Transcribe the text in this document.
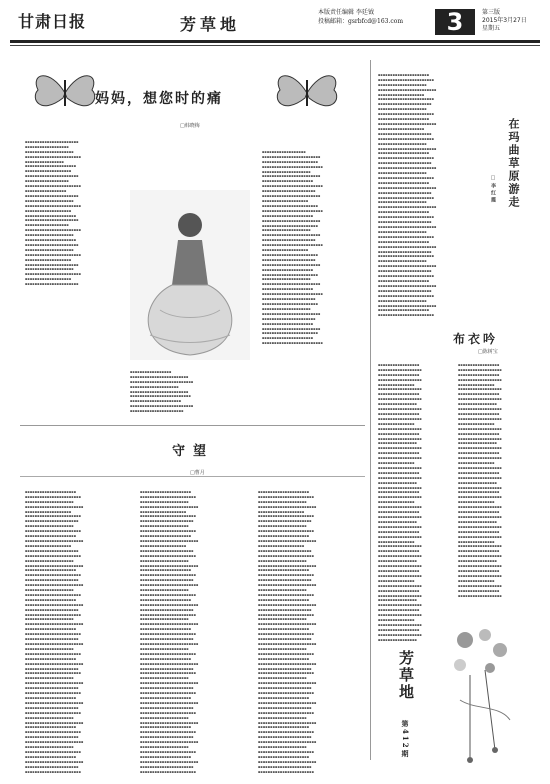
甘肃日报	芳草地
本版责任编辑 李廷钺
投稿邮箱：gsrbfcd@163.com	3	第三版
2015年3月27日
星期五
妈妈，想您时的痛
□韩晓梅

▪▪▪▪▪▪▪▪▪▪▪▪▪▪▪▪▪▪▪▪▪▪
▪▪▪▪▪▪▪▪▪▪▪▪▪▪▪▪▪▪
▪▪▪▪▪▪▪▪▪▪▪▪▪▪▪▪▪▪▪▪
▪▪▪▪▪▪▪▪▪▪▪▪▪▪▪▪▪▪▪▪▪▪▪
▪▪▪▪▪▪▪▪▪▪▪▪▪▪▪▪
▪▪▪▪▪▪▪▪▪▪▪▪▪▪▪▪▪▪▪▪▪
▪▪▪▪▪▪▪▪▪▪▪▪▪▪▪▪▪▪▪
▪▪▪▪▪▪▪▪▪▪▪▪▪▪▪▪▪▪▪▪▪▪
▪▪▪▪▪▪▪▪▪▪▪▪▪▪▪▪▪▪
▪▪▪▪▪▪▪▪▪▪▪▪▪▪▪▪▪▪▪▪▪▪▪
▪▪▪▪▪▪▪▪▪▪▪▪▪▪▪▪▪
▪▪▪▪▪▪▪▪▪▪▪▪▪▪▪▪▪▪▪▪▪▪
▪▪▪▪▪▪▪▪▪▪▪▪▪▪▪▪▪▪▪▪
▪▪▪▪▪▪▪▪▪▪▪▪▪▪▪▪▪▪▪▪▪▪▪
▪▪▪▪▪▪▪▪▪▪▪▪▪▪▪▪▪▪▪
▪▪▪▪▪▪▪▪▪▪▪▪▪▪▪▪▪▪▪▪▪
▪▪▪▪▪▪▪▪▪▪▪▪▪▪▪▪▪▪▪▪▪▪
▪▪▪▪▪▪▪▪▪▪▪▪▪▪▪▪▪▪
▪▪▪▪▪▪▪▪▪▪▪▪▪▪▪▪▪▪▪▪▪▪▪
▪▪▪▪▪▪▪▪▪▪▪▪▪▪▪▪▪▪▪▪
▪▪▪▪▪▪▪▪▪▪▪▪▪▪▪▪▪▪▪▪▪
▪▪▪▪▪▪▪▪▪▪▪▪▪▪▪▪▪▪▪▪▪▪
▪▪▪▪▪▪▪▪▪▪▪▪▪▪▪▪▪▪▪▪
▪▪▪▪▪▪▪▪▪▪▪▪▪▪▪▪▪▪▪▪▪▪▪
▪▪▪▪▪▪▪▪▪▪▪▪▪▪▪▪▪▪▪
▪▪▪▪▪▪▪▪▪▪▪▪▪▪▪▪▪▪▪▪▪▪
▪▪▪▪▪▪▪▪▪▪▪▪▪▪▪▪▪▪▪▪
▪▪▪▪▪▪▪▪▪▪▪▪▪▪▪▪▪▪▪▪▪▪▪
▪▪▪▪▪▪▪▪▪▪▪▪▪▪▪▪▪▪▪
▪▪▪▪▪▪▪▪▪▪▪▪▪▪▪▪▪▪▪▪▪▪

▪▪▪▪▪▪▪▪▪▪▪▪▪▪▪▪▪
▪▪▪▪▪▪▪▪▪▪▪▪▪▪▪▪▪▪▪▪▪▪▪▪
▪▪▪▪▪▪▪▪▪▪▪▪▪▪▪▪▪▪▪▪▪▪▪▪▪▪
▪▪▪▪▪▪▪▪▪▪▪▪▪▪▪▪▪▪▪▪
▪▪▪▪▪▪▪▪▪▪▪▪▪▪▪▪▪▪▪▪▪▪▪▪
▪▪▪▪▪▪▪▪▪▪▪▪▪▪▪▪▪▪▪▪▪▪▪▪▪
▪▪▪▪▪▪▪▪▪▪▪▪▪▪▪▪▪▪▪▪▪
▪▪▪▪▪▪▪▪▪▪▪▪▪▪▪▪▪▪▪▪▪▪▪▪▪▪
▪▪▪▪▪▪▪▪▪▪▪▪▪▪▪▪▪▪▪▪▪▪

▪▪▪▪▪▪▪▪▪▪▪▪▪▪▪▪▪▪
▪▪▪▪▪▪▪▪▪▪▪▪▪▪▪▪▪▪▪▪▪▪▪▪
▪▪▪▪▪▪▪▪▪▪▪▪▪▪▪▪▪▪▪▪▪▪▪
▪▪▪▪▪▪▪▪▪▪▪▪▪▪▪▪▪▪▪▪▪▪▪▪▪
▪▪▪▪▪▪▪▪▪▪▪▪▪▪▪▪▪▪▪▪
▪▪▪▪▪▪▪▪▪▪▪▪▪▪▪▪▪▪▪▪▪▪▪▪
▪▪▪▪▪▪▪▪▪▪▪▪▪▪▪▪▪▪▪▪▪
▪▪▪▪▪▪▪▪▪▪▪▪▪▪▪▪▪▪▪▪▪▪▪▪▪
▪▪▪▪▪▪▪▪▪▪▪▪▪▪▪▪▪▪▪▪▪▪
▪▪▪▪▪▪▪▪▪▪▪▪▪▪▪▪▪▪▪▪▪▪▪▪
▪▪▪▪▪▪▪▪▪▪▪▪▪▪▪▪▪▪▪
▪▪▪▪▪▪▪▪▪▪▪▪▪▪▪▪▪▪▪▪▪▪▪
▪▪▪▪▪▪▪▪▪▪▪▪▪▪▪▪▪▪▪▪▪▪▪▪▪
▪▪▪▪▪▪▪▪▪▪▪▪▪▪▪▪▪▪▪▪▪
▪▪▪▪▪▪▪▪▪▪▪▪▪▪▪▪▪▪▪▪▪▪▪▪
▪▪▪▪▪▪▪▪▪▪▪▪▪▪▪▪▪▪▪▪▪▪▪
▪▪▪▪▪▪▪▪▪▪▪▪▪▪▪▪▪▪▪▪
▪▪▪▪▪▪▪▪▪▪▪▪▪▪▪▪▪▪▪▪▪▪▪▪
▪▪▪▪▪▪▪▪▪▪▪▪▪▪▪▪▪▪▪▪▪▪
▪▪▪▪▪▪▪▪▪▪▪▪▪▪▪▪▪▪▪▪▪▪▪▪▪
▪▪▪▪▪▪▪▪▪▪▪▪▪▪▪▪▪▪▪
▪▪▪▪▪▪▪▪▪▪▪▪▪▪▪▪▪▪▪▪▪▪▪
▪▪▪▪▪▪▪▪▪▪▪▪▪▪▪▪▪▪▪▪▪▪
▪▪▪▪▪▪▪▪▪▪▪▪▪▪▪▪▪▪▪▪▪▪▪▪
▪▪▪▪▪▪▪▪▪▪▪▪▪▪▪▪▪▪▪▪▪
▪▪▪▪▪▪▪▪▪▪▪▪▪▪▪▪▪▪▪▪▪▪▪
▪▪▪▪▪▪▪▪▪▪▪▪▪▪▪▪▪▪▪▪
▪▪▪▪▪▪▪▪▪▪▪▪▪▪▪▪▪▪▪▪▪▪▪▪
▪▪▪▪▪▪▪▪▪▪▪▪▪▪▪▪▪▪▪▪▪
▪▪▪▪▪▪▪▪▪▪▪▪▪▪▪▪▪▪▪▪▪▪▪▪▪
▪▪▪▪▪▪▪▪▪▪▪▪▪▪▪▪▪▪▪▪▪▪
▪▪▪▪▪▪▪▪▪▪▪▪▪▪▪▪▪▪▪▪▪▪▪
▪▪▪▪▪▪▪▪▪▪▪▪▪▪▪▪▪▪▪▪
▪▪▪▪▪▪▪▪▪▪▪▪▪▪▪▪▪▪▪▪▪▪▪▪
▪▪▪▪▪▪▪▪▪▪▪▪▪▪▪▪▪▪▪▪▪▪
▪▪▪▪▪▪▪▪▪▪▪▪▪▪▪▪▪▪▪▪▪
▪▪▪▪▪▪▪▪▪▪▪▪▪▪▪▪▪▪▪▪▪▪▪▪
▪▪▪▪▪▪▪▪▪▪▪▪▪▪▪▪▪▪▪▪▪▪▪
▪▪▪▪▪▪▪▪▪▪▪▪▪▪▪▪▪▪▪▪▪
▪▪▪▪▪▪▪▪▪▪▪▪▪▪▪▪▪▪▪▪▪▪▪▪▪

▪▪▪▪▪▪▪▪▪▪▪▪▪▪▪▪▪▪▪▪▪
▪▪▪▪▪▪▪▪▪▪▪▪▪▪▪▪▪▪▪▪▪▪▪
▪▪▪▪▪▪▪▪▪▪▪▪▪▪▪▪▪▪▪▪
▪▪▪▪▪▪▪▪▪▪▪▪▪▪▪▪▪▪▪▪▪▪▪▪
▪▪▪▪▪▪▪▪▪▪▪▪▪▪▪▪▪▪▪
▪▪▪▪▪▪▪▪▪▪▪▪▪▪▪▪▪▪▪▪▪▪▪
▪▪▪▪▪▪▪▪▪▪▪▪▪▪▪▪▪▪▪▪▪▪
▪▪▪▪▪▪▪▪▪▪▪▪▪▪▪▪▪▪▪▪
▪▪▪▪▪▪▪▪▪▪▪▪▪▪▪▪▪▪▪▪▪▪▪
▪▪▪▪▪▪▪▪▪▪▪▪▪▪▪▪▪▪▪▪▪
▪▪▪▪▪▪▪▪▪▪▪▪▪▪▪▪▪▪▪▪▪▪▪▪
▪▪▪▪▪▪▪▪▪▪▪▪▪▪▪▪▪▪▪
▪▪▪▪▪▪▪▪▪▪▪▪▪▪▪▪▪▪▪▪▪▪
▪▪▪▪▪▪▪▪▪▪▪▪▪▪▪▪▪▪▪▪▪▪▪
▪▪▪▪▪▪▪▪▪▪▪▪▪▪▪▪▪▪▪▪
▪▪▪▪▪▪▪▪▪▪▪▪▪▪▪▪▪▪▪▪▪▪▪▪
▪▪▪▪▪▪▪▪▪▪▪▪▪▪▪▪▪▪▪▪▪
▪▪▪▪▪▪▪▪▪▪▪▪▪▪▪▪▪▪▪▪▪▪▪
▪▪▪▪▪▪▪▪▪▪▪▪▪▪▪▪▪▪▪▪▪▪
▪▪▪▪▪▪▪▪▪▪▪▪▪▪▪▪▪▪▪▪▪▪▪▪
▪▪▪▪▪▪▪▪▪▪▪▪▪▪▪▪▪▪▪▪
▪▪▪▪▪▪▪▪▪▪▪▪▪▪▪▪▪▪▪▪▪▪▪
▪▪▪▪▪▪▪▪▪▪▪▪▪▪▪▪▪▪▪▪▪
▪▪▪▪▪▪▪▪▪▪▪▪▪▪▪▪▪▪▪▪▪▪▪▪
▪▪▪▪▪▪▪▪▪▪▪▪▪▪▪▪▪▪▪▪▪▪
▪▪▪▪▪▪▪▪▪▪▪▪▪▪▪▪▪▪▪▪▪▪▪
▪▪▪▪▪▪▪▪▪▪▪▪▪▪▪▪▪▪▪▪
▪▪▪▪▪▪▪▪▪▪▪▪▪▪▪▪▪▪▪▪▪▪▪▪
▪▪▪▪▪▪▪▪▪▪▪▪▪▪▪▪▪▪▪▪▪
▪▪▪▪▪▪▪▪▪▪▪▪▪▪▪▪▪▪▪▪▪▪▪
▪▪▪▪▪▪▪▪▪▪▪▪▪▪▪▪▪▪▪▪▪▪
▪▪▪▪▪▪▪▪▪▪▪▪▪▪▪▪▪▪▪▪▪▪▪▪
▪▪▪▪▪▪▪▪▪▪▪▪▪▪▪▪▪▪▪▪
▪▪▪▪▪▪▪▪▪▪▪▪▪▪▪▪▪▪▪▪▪▪▪
▪▪▪▪▪▪▪▪▪▪▪▪▪▪▪▪▪▪▪▪▪
▪▪▪▪▪▪▪▪▪▪▪▪▪▪▪▪▪▪▪▪▪▪▪▪
▪▪▪▪▪▪▪▪▪▪▪▪▪▪▪▪▪▪▪▪▪▪
▪▪▪▪▪▪▪▪▪▪▪▪▪▪▪▪▪▪▪▪▪▪▪
▪▪▪▪▪▪▪▪▪▪▪▪▪▪▪▪▪▪▪▪
▪▪▪▪▪▪▪▪▪▪▪▪▪▪▪▪▪▪▪▪▪▪▪▪
▪▪▪▪▪▪▪▪▪▪▪▪▪▪▪▪▪▪▪▪▪▪
▪▪▪▪▪▪▪▪▪▪▪▪▪▪▪▪▪▪▪▪▪▪▪
▪▪▪▪▪▪▪▪▪▪▪▪▪▪▪▪▪▪▪▪▪
▪▪▪▪▪▪▪▪▪▪▪▪▪▪▪▪▪▪▪▪▪▪▪▪
▪▪▪▪▪▪▪▪▪▪▪▪▪▪▪▪▪▪▪▪▪▪
▪▪▪▪▪▪▪▪▪▪▪▪▪▪▪▪▪▪▪▪▪▪▪
▪▪▪▪▪▪▪▪▪▪▪▪▪▪▪▪▪▪▪▪
▪▪▪▪▪▪▪▪▪▪▪▪▪▪▪▪▪▪▪▪▪▪▪▪
▪▪▪▪▪▪▪▪▪▪▪▪▪▪▪▪▪▪▪▪▪
▪▪▪▪▪▪▪▪▪▪▪▪▪▪▪▪▪▪▪▪▪▪▪

在玛曲草原游走
□李红霞
布衣吟
□陈树宝

▪▪▪▪▪▪▪▪▪▪▪▪▪▪▪▪▪
▪▪▪▪▪▪▪▪▪▪▪▪▪▪▪▪▪▪
▪▪▪▪▪▪▪▪▪▪▪▪▪▪▪▪▪
▪▪▪▪▪▪▪▪▪▪▪▪▪▪▪▪▪▪
▪▪▪▪▪▪▪▪▪▪▪▪▪▪▪
▪▪▪▪▪▪▪▪▪▪▪▪▪▪▪▪▪▪
▪▪▪▪▪▪▪▪▪▪▪▪▪▪▪▪▪
▪▪▪▪▪▪▪▪▪▪▪▪▪▪▪▪▪▪
▪▪▪▪▪▪▪▪▪▪▪▪▪▪▪▪
▪▪▪▪▪▪▪▪▪▪▪▪▪▪▪▪▪▪
▪▪▪▪▪▪▪▪▪▪▪▪▪▪▪▪▪
▪▪▪▪▪▪▪▪▪▪▪▪▪▪▪▪▪▪
▪▪▪▪▪▪▪▪▪▪▪▪▪▪▪
▪▪▪▪▪▪▪▪▪▪▪▪▪▪▪▪▪▪
▪▪▪▪▪▪▪▪▪▪▪▪▪▪▪▪▪
▪▪▪▪▪▪▪▪▪▪▪▪▪▪▪▪▪▪
▪▪▪▪▪▪▪▪▪▪▪▪▪▪▪▪
▪▪▪▪▪▪▪▪▪▪▪▪▪▪▪▪▪▪
▪▪▪▪▪▪▪▪▪▪▪▪▪▪▪▪▪
▪▪▪▪▪▪▪▪▪▪▪▪▪▪▪▪▪▪
▪▪▪▪▪▪▪▪▪▪▪▪▪▪▪
▪▪▪▪▪▪▪▪▪▪▪▪▪▪▪▪▪▪
▪▪▪▪▪▪▪▪▪▪▪▪▪▪▪▪▪
▪▪▪▪▪▪▪▪▪▪▪▪▪▪▪▪▪▪
▪▪▪▪▪▪▪▪▪▪▪▪▪▪▪▪
▪▪▪▪▪▪▪▪▪▪▪▪▪▪▪▪▪▪
▪▪▪▪▪▪▪▪▪▪▪▪▪▪▪▪▪
▪▪▪▪▪▪▪▪▪▪▪▪▪▪▪▪▪▪
▪▪▪▪▪▪▪▪▪▪▪▪▪▪▪
▪▪▪▪▪▪▪▪▪▪▪▪▪▪▪▪▪▪
▪▪▪▪▪▪▪▪▪▪▪▪▪▪▪▪▪
▪▪▪▪▪▪▪▪▪▪▪▪▪▪▪▪▪▪
▪▪▪▪▪▪▪▪▪▪▪▪▪▪▪▪
▪▪▪▪▪▪▪▪▪▪▪▪▪▪▪▪▪▪
▪▪▪▪▪▪▪▪▪▪▪▪▪▪▪▪▪
▪▪▪▪▪▪▪▪▪▪▪▪▪▪▪▪▪▪
▪▪▪▪▪▪▪▪▪▪▪▪▪▪▪
▪▪▪▪▪▪▪▪▪▪▪▪▪▪▪▪▪▪
▪▪▪▪▪▪▪▪▪▪▪▪▪▪▪▪▪
▪▪▪▪▪▪▪▪▪▪▪▪▪▪▪▪▪▪
▪▪▪▪▪▪▪▪▪▪▪▪▪▪▪▪
▪▪▪▪▪▪▪▪▪▪▪▪▪▪▪▪▪▪
▪▪▪▪▪▪▪▪▪▪▪▪▪▪▪▪▪
▪▪▪▪▪▪▪▪▪▪▪▪▪▪▪▪▪▪
▪▪▪▪▪▪▪▪▪▪▪▪▪▪▪
▪▪▪▪▪▪▪▪▪▪▪▪▪▪▪▪▪▪
▪▪▪▪▪▪▪▪▪▪▪▪▪▪▪▪▪
▪▪▪▪▪▪▪▪▪▪▪▪▪▪▪▪▪▪
▪▪▪▪▪▪▪▪▪▪▪▪▪▪▪▪
▪▪▪▪▪▪▪▪▪▪▪▪▪▪▪▪▪▪
▪▪▪▪▪▪▪▪▪▪▪▪▪▪▪▪▪
▪▪▪▪▪▪▪▪▪▪▪▪▪▪▪▪▪▪
▪▪▪▪▪▪▪▪▪▪▪▪▪▪▪
▪▪▪▪▪▪▪▪▪▪▪▪▪▪▪▪▪▪
▪▪▪▪▪▪▪▪▪▪▪▪▪▪▪▪▪
▪▪▪▪▪▪▪▪▪▪▪▪▪▪▪▪▪▪
▪▪▪▪▪▪▪▪▪▪▪▪▪▪▪▪

▪▪▪▪▪▪▪▪▪▪▪▪▪▪▪▪▪
▪▪▪▪▪▪▪▪▪▪▪▪▪▪▪▪▪▪
▪▪▪▪▪▪▪▪▪▪▪▪▪▪▪▪▪
▪▪▪▪▪▪▪▪▪▪▪▪▪▪▪▪▪▪
▪▪▪▪▪▪▪▪▪▪▪▪▪▪▪
▪▪▪▪▪▪▪▪▪▪▪▪▪▪▪▪▪▪
▪▪▪▪▪▪▪▪▪▪▪▪▪▪▪▪▪
▪▪▪▪▪▪▪▪▪▪▪▪▪▪▪▪▪▪
▪▪▪▪▪▪▪▪▪▪▪▪▪▪▪▪
▪▪▪▪▪▪▪▪▪▪▪▪▪▪▪▪▪▪
▪▪▪▪▪▪▪▪▪▪▪▪▪▪▪▪▪
▪▪▪▪▪▪▪▪▪▪▪▪▪▪▪▪▪▪
▪▪▪▪▪▪▪▪▪▪▪▪▪▪▪
▪▪▪▪▪▪▪▪▪▪▪▪▪▪▪▪▪▪
▪▪▪▪▪▪▪▪▪▪▪▪▪▪▪▪▪
▪▪▪▪▪▪▪▪▪▪▪▪▪▪▪▪▪▪
▪▪▪▪▪▪▪▪▪▪▪▪▪▪▪▪
▪▪▪▪▪▪▪▪▪▪▪▪▪▪▪▪▪▪
▪▪▪▪▪▪▪▪▪▪▪▪▪▪▪▪▪
▪▪▪▪▪▪▪▪▪▪▪▪▪▪▪▪▪▪
▪▪▪▪▪▪▪▪▪▪▪▪▪▪▪
▪▪▪▪▪▪▪▪▪▪▪▪▪▪▪▪▪▪
▪▪▪▪▪▪▪▪▪▪▪▪▪▪▪▪▪
▪▪▪▪▪▪▪▪▪▪▪▪▪▪▪▪▪▪
▪▪▪▪▪▪▪▪▪▪▪▪▪▪▪▪
▪▪▪▪▪▪▪▪▪▪▪▪▪▪▪▪▪▪
▪▪▪▪▪▪▪▪▪▪▪▪▪▪▪▪▪
▪▪▪▪▪▪▪▪▪▪▪▪▪▪▪▪▪▪
▪▪▪▪▪▪▪▪▪▪▪▪▪▪▪
▪▪▪▪▪▪▪▪▪▪▪▪▪▪▪▪▪▪
▪▪▪▪▪▪▪▪▪▪▪▪▪▪▪▪▪
▪▪▪▪▪▪▪▪▪▪▪▪▪▪▪▪▪▪
▪▪▪▪▪▪▪▪▪▪▪▪▪▪▪▪
▪▪▪▪▪▪▪▪▪▪▪▪▪▪▪▪▪▪
▪▪▪▪▪▪▪▪▪▪▪▪▪▪▪▪▪
▪▪▪▪▪▪▪▪▪▪▪▪▪▪▪▪▪▪
▪▪▪▪▪▪▪▪▪▪▪▪▪▪▪
▪▪▪▪▪▪▪▪▪▪▪▪▪▪▪▪▪▪
▪▪▪▪▪▪▪▪▪▪▪▪▪▪▪▪▪
▪▪▪▪▪▪▪▪▪▪▪▪▪▪▪▪▪▪
▪▪▪▪▪▪▪▪▪▪▪▪▪▪▪▪
▪▪▪▪▪▪▪▪▪▪▪▪▪▪▪▪▪▪
▪▪▪▪▪▪▪▪▪▪▪▪▪▪▪▪▪
▪▪▪▪▪▪▪▪▪▪▪▪▪▪▪▪▪▪
▪▪▪▪▪▪▪▪▪▪▪▪▪▪▪
▪▪▪▪▪▪▪▪▪▪▪▪▪▪▪▪▪▪
▪▪▪▪▪▪▪▪▪▪▪▪▪▪▪▪▪
▪▪▪▪▪▪▪▪▪▪▪▪▪▪▪▪▪▪

守望
□曹月

▪▪▪▪▪▪▪▪▪▪▪▪▪▪▪▪▪▪▪▪▪
▪▪▪▪▪▪▪▪▪▪▪▪▪▪▪▪▪▪▪▪▪▪▪
▪▪▪▪▪▪▪▪▪▪▪▪▪▪▪▪▪▪▪▪
▪▪▪▪▪▪▪▪▪▪▪▪▪▪▪▪▪▪▪▪▪▪▪▪
▪▪▪▪▪▪▪▪▪▪▪▪▪▪▪▪▪▪▪
▪▪▪▪▪▪▪▪▪▪▪▪▪▪▪▪▪▪▪▪▪▪▪
▪▪▪▪▪▪▪▪▪▪▪▪▪▪▪▪▪▪▪▪▪▪
▪▪▪▪▪▪▪▪▪▪▪▪▪▪▪▪▪▪▪▪
▪▪▪▪▪▪▪▪▪▪▪▪▪▪▪▪▪▪▪▪▪▪▪
▪▪▪▪▪▪▪▪▪▪▪▪▪▪▪▪▪▪▪▪▪
▪▪▪▪▪▪▪▪▪▪▪▪▪▪▪▪▪▪▪▪▪▪▪▪
▪▪▪▪▪▪▪▪▪▪▪▪▪▪▪▪▪▪▪
▪▪▪▪▪▪▪▪▪▪▪▪▪▪▪▪▪▪▪▪▪▪
▪▪▪▪▪▪▪▪▪▪▪▪▪▪▪▪▪▪▪▪▪▪▪
▪▪▪▪▪▪▪▪▪▪▪▪▪▪▪▪▪▪▪▪
▪▪▪▪▪▪▪▪▪▪▪▪▪▪▪▪▪▪▪▪▪▪▪▪
▪▪▪▪▪▪▪▪▪▪▪▪▪▪▪▪▪▪▪▪▪
▪▪▪▪▪▪▪▪▪▪▪▪▪▪▪▪▪▪▪▪▪▪▪
▪▪▪▪▪▪▪▪▪▪▪▪▪▪▪▪▪▪▪▪▪▪
▪▪▪▪▪▪▪▪▪▪▪▪▪▪▪▪▪▪▪▪▪▪▪▪
▪▪▪▪▪▪▪▪▪▪▪▪▪▪▪▪▪▪▪▪
▪▪▪▪▪▪▪▪▪▪▪▪▪▪▪▪▪▪▪▪▪▪▪
▪▪▪▪▪▪▪▪▪▪▪▪▪▪▪▪▪▪▪▪▪
▪▪▪▪▪▪▪▪▪▪▪▪▪▪▪▪▪▪▪▪▪▪▪▪
▪▪▪▪▪▪▪▪▪▪▪▪▪▪▪▪▪▪▪▪▪▪
▪▪▪▪▪▪▪▪▪▪▪▪▪▪▪▪▪▪▪▪▪▪▪
▪▪▪▪▪▪▪▪▪▪▪▪▪▪▪▪▪▪▪▪
▪▪▪▪▪▪▪▪▪▪▪▪▪▪▪▪▪▪▪▪▪▪▪▪
▪▪▪▪▪▪▪▪▪▪▪▪▪▪▪▪▪▪▪▪▪
▪▪▪▪▪▪▪▪▪▪▪▪▪▪▪▪▪▪▪▪▪▪▪
▪▪▪▪▪▪▪▪▪▪▪▪▪▪▪▪▪▪▪▪▪▪
▪▪▪▪▪▪▪▪▪▪▪▪▪▪▪▪▪▪▪▪▪▪▪▪
▪▪▪▪▪▪▪▪▪▪▪▪▪▪▪▪▪▪▪▪
▪▪▪▪▪▪▪▪▪▪▪▪▪▪▪▪▪▪▪▪▪▪▪
▪▪▪▪▪▪▪▪▪▪▪▪▪▪▪▪▪▪▪▪▪
▪▪▪▪▪▪▪▪▪▪▪▪▪▪▪▪▪▪▪▪▪▪▪▪
▪▪▪▪▪▪▪▪▪▪▪▪▪▪▪▪▪▪▪▪▪▪
▪▪▪▪▪▪▪▪▪▪▪▪▪▪▪▪▪▪▪▪▪▪▪
▪▪▪▪▪▪▪▪▪▪▪▪▪▪▪▪▪▪▪▪
▪▪▪▪▪▪▪▪▪▪▪▪▪▪▪▪▪▪▪▪▪▪▪▪
▪▪▪▪▪▪▪▪▪▪▪▪▪▪▪▪▪▪▪▪▪▪
▪▪▪▪▪▪▪▪▪▪▪▪▪▪▪▪▪▪▪▪▪▪▪
▪▪▪▪▪▪▪▪▪▪▪▪▪▪▪▪▪▪▪▪▪
▪▪▪▪▪▪▪▪▪▪▪▪▪▪▪▪▪▪▪▪▪▪▪▪
▪▪▪▪▪▪▪▪▪▪▪▪▪▪▪▪▪▪▪▪▪▪
▪▪▪▪▪▪▪▪▪▪▪▪▪▪▪▪▪▪▪▪▪▪▪
▪▪▪▪▪▪▪▪▪▪▪▪▪▪▪▪▪▪▪▪
▪▪▪▪▪▪▪▪▪▪▪▪▪▪▪▪▪▪▪▪▪▪▪▪
▪▪▪▪▪▪▪▪▪▪▪▪▪▪▪▪▪▪▪▪▪
▪▪▪▪▪▪▪▪▪▪▪▪▪▪▪▪▪▪▪▪▪▪▪
▪▪▪▪▪▪▪▪▪▪▪▪▪▪▪▪▪▪▪▪▪▪
▪▪▪▪▪▪▪▪▪▪▪▪▪▪▪▪▪▪▪▪▪▪▪▪
▪▪▪▪▪▪▪▪▪▪▪▪▪▪▪▪▪▪▪▪
▪▪▪▪▪▪▪▪▪▪▪▪▪▪▪▪▪▪▪▪▪▪▪
▪▪▪▪▪▪▪▪▪▪▪▪▪▪▪▪▪▪▪▪▪
▪▪▪▪▪▪▪▪▪▪▪▪▪▪▪▪▪▪▪▪▪▪▪▪
▪▪▪▪▪▪▪▪▪▪▪▪▪▪▪▪▪▪▪▪▪▪
▪▪▪▪▪▪▪▪▪▪▪▪▪▪▪▪▪▪▪▪▪▪▪

▪▪▪▪▪▪▪▪▪▪▪▪▪▪▪▪▪▪▪▪▪
▪▪▪▪▪▪▪▪▪▪▪▪▪▪▪▪▪▪▪▪▪▪▪
▪▪▪▪▪▪▪▪▪▪▪▪▪▪▪▪▪▪▪▪
▪▪▪▪▪▪▪▪▪▪▪▪▪▪▪▪▪▪▪▪▪▪▪▪
▪▪▪▪▪▪▪▪▪▪▪▪▪▪▪▪▪▪▪
▪▪▪▪▪▪▪▪▪▪▪▪▪▪▪▪▪▪▪▪▪▪▪
▪▪▪▪▪▪▪▪▪▪▪▪▪▪▪▪▪▪▪▪▪▪
▪▪▪▪▪▪▪▪▪▪▪▪▪▪▪▪▪▪▪▪
▪▪▪▪▪▪▪▪▪▪▪▪▪▪▪▪▪▪▪▪▪▪▪
▪▪▪▪▪▪▪▪▪▪▪▪▪▪▪▪▪▪▪▪▪
▪▪▪▪▪▪▪▪▪▪▪▪▪▪▪▪▪▪▪▪▪▪▪▪
▪▪▪▪▪▪▪▪▪▪▪▪▪▪▪▪▪▪▪
▪▪▪▪▪▪▪▪▪▪▪▪▪▪▪▪▪▪▪▪▪▪
▪▪▪▪▪▪▪▪▪▪▪▪▪▪▪▪▪▪▪▪▪▪▪
▪▪▪▪▪▪▪▪▪▪▪▪▪▪▪▪▪▪▪▪
▪▪▪▪▪▪▪▪▪▪▪▪▪▪▪▪▪▪▪▪▪▪▪▪
▪▪▪▪▪▪▪▪▪▪▪▪▪▪▪▪▪▪▪▪▪
▪▪▪▪▪▪▪▪▪▪▪▪▪▪▪▪▪▪▪▪▪▪▪
▪▪▪▪▪▪▪▪▪▪▪▪▪▪▪▪▪▪▪▪▪▪
▪▪▪▪▪▪▪▪▪▪▪▪▪▪▪▪▪▪▪▪▪▪▪▪
▪▪▪▪▪▪▪▪▪▪▪▪▪▪▪▪▪▪▪▪
▪▪▪▪▪▪▪▪▪▪▪▪▪▪▪▪▪▪▪▪▪▪▪
▪▪▪▪▪▪▪▪▪▪▪▪▪▪▪▪▪▪▪▪▪
▪▪▪▪▪▪▪▪▪▪▪▪▪▪▪▪▪▪▪▪▪▪▪▪
▪▪▪▪▪▪▪▪▪▪▪▪▪▪▪▪▪▪▪▪▪▪
▪▪▪▪▪▪▪▪▪▪▪▪▪▪▪▪▪▪▪▪▪▪▪
▪▪▪▪▪▪▪▪▪▪▪▪▪▪▪▪▪▪▪▪
▪▪▪▪▪▪▪▪▪▪▪▪▪▪▪▪▪▪▪▪▪▪▪▪
▪▪▪▪▪▪▪▪▪▪▪▪▪▪▪▪▪▪▪▪▪
▪▪▪▪▪▪▪▪▪▪▪▪▪▪▪▪▪▪▪▪▪▪▪
▪▪▪▪▪▪▪▪▪▪▪▪▪▪▪▪▪▪▪▪▪▪
▪▪▪▪▪▪▪▪▪▪▪▪▪▪▪▪▪▪▪▪▪▪▪▪
▪▪▪▪▪▪▪▪▪▪▪▪▪▪▪▪▪▪▪▪
▪▪▪▪▪▪▪▪▪▪▪▪▪▪▪▪▪▪▪▪▪▪▪
▪▪▪▪▪▪▪▪▪▪▪▪▪▪▪▪▪▪▪▪▪
▪▪▪▪▪▪▪▪▪▪▪▪▪▪▪▪▪▪▪▪▪▪▪▪
▪▪▪▪▪▪▪▪▪▪▪▪▪▪▪▪▪▪▪▪▪▪
▪▪▪▪▪▪▪▪▪▪▪▪▪▪▪▪▪▪▪▪▪▪▪
▪▪▪▪▪▪▪▪▪▪▪▪▪▪▪▪▪▪▪▪
▪▪▪▪▪▪▪▪▪▪▪▪▪▪▪▪▪▪▪▪▪▪▪▪
▪▪▪▪▪▪▪▪▪▪▪▪▪▪▪▪▪▪▪▪▪▪
▪▪▪▪▪▪▪▪▪▪▪▪▪▪▪▪▪▪▪▪▪▪▪
▪▪▪▪▪▪▪▪▪▪▪▪▪▪▪▪▪▪▪▪▪
▪▪▪▪▪▪▪▪▪▪▪▪▪▪▪▪▪▪▪▪▪▪▪▪
▪▪▪▪▪▪▪▪▪▪▪▪▪▪▪▪▪▪▪▪▪▪
▪▪▪▪▪▪▪▪▪▪▪▪▪▪▪▪▪▪▪▪▪▪▪
▪▪▪▪▪▪▪▪▪▪▪▪▪▪▪▪▪▪▪▪
▪▪▪▪▪▪▪▪▪▪▪▪▪▪▪▪▪▪▪▪▪▪▪▪
▪▪▪▪▪▪▪▪▪▪▪▪▪▪▪▪▪▪▪▪▪
▪▪▪▪▪▪▪▪▪▪▪▪▪▪▪▪▪▪▪▪▪▪▪
▪▪▪▪▪▪▪▪▪▪▪▪▪▪▪▪▪▪▪▪▪▪
▪▪▪▪▪▪▪▪▪▪▪▪▪▪▪▪▪▪▪▪▪▪▪▪
▪▪▪▪▪▪▪▪▪▪▪▪▪▪▪▪▪▪▪▪
▪▪▪▪▪▪▪▪▪▪▪▪▪▪▪▪▪▪▪▪▪▪▪
▪▪▪▪▪▪▪▪▪▪▪▪▪▪▪▪▪▪▪▪▪
▪▪▪▪▪▪▪▪▪▪▪▪▪▪▪▪▪▪▪▪▪▪▪▪
▪▪▪▪▪▪▪▪▪▪▪▪▪▪▪▪▪▪▪▪▪▪
▪▪▪▪▪▪▪▪▪▪▪▪▪▪▪▪▪▪▪▪▪▪▪

▪▪▪▪▪▪▪▪▪▪▪▪▪▪▪▪▪▪▪▪▪
▪▪▪▪▪▪▪▪▪▪▪▪▪▪▪▪▪▪▪▪▪▪▪
▪▪▪▪▪▪▪▪▪▪▪▪▪▪▪▪▪▪▪▪
▪▪▪▪▪▪▪▪▪▪▪▪▪▪▪▪▪▪▪▪▪▪▪▪
▪▪▪▪▪▪▪▪▪▪▪▪▪▪▪▪▪▪▪
▪▪▪▪▪▪▪▪▪▪▪▪▪▪▪▪▪▪▪▪▪▪▪
▪▪▪▪▪▪▪▪▪▪▪▪▪▪▪▪▪▪▪▪▪▪
▪▪▪▪▪▪▪▪▪▪▪▪▪▪▪▪▪▪▪▪
▪▪▪▪▪▪▪▪▪▪▪▪▪▪▪▪▪▪▪▪▪▪▪
▪▪▪▪▪▪▪▪▪▪▪▪▪▪▪▪▪▪▪▪▪
▪▪▪▪▪▪▪▪▪▪▪▪▪▪▪▪▪▪▪▪▪▪▪▪
▪▪▪▪▪▪▪▪▪▪▪▪▪▪▪▪▪▪▪
▪▪▪▪▪▪▪▪▪▪▪▪▪▪▪▪▪▪▪▪▪▪
▪▪▪▪▪▪▪▪▪▪▪▪▪▪▪▪▪▪▪▪▪▪▪
▪▪▪▪▪▪▪▪▪▪▪▪▪▪▪▪▪▪▪▪
▪▪▪▪▪▪▪▪▪▪▪▪▪▪▪▪▪▪▪▪▪▪▪▪
▪▪▪▪▪▪▪▪▪▪▪▪▪▪▪▪▪▪▪▪▪
▪▪▪▪▪▪▪▪▪▪▪▪▪▪▪▪▪▪▪▪▪▪▪
▪▪▪▪▪▪▪▪▪▪▪▪▪▪▪▪▪▪▪▪▪▪
▪▪▪▪▪▪▪▪▪▪▪▪▪▪▪▪▪▪▪▪▪▪▪▪
▪▪▪▪▪▪▪▪▪▪▪▪▪▪▪▪▪▪▪▪
▪▪▪▪▪▪▪▪▪▪▪▪▪▪▪▪▪▪▪▪▪▪▪
▪▪▪▪▪▪▪▪▪▪▪▪▪▪▪▪▪▪▪▪▪
▪▪▪▪▪▪▪▪▪▪▪▪▪▪▪▪▪▪▪▪▪▪▪▪
▪▪▪▪▪▪▪▪▪▪▪▪▪▪▪▪▪▪▪▪▪▪
▪▪▪▪▪▪▪▪▪▪▪▪▪▪▪▪▪▪▪▪▪▪▪
▪▪▪▪▪▪▪▪▪▪▪▪▪▪▪▪▪▪▪▪
▪▪▪▪▪▪▪▪▪▪▪▪▪▪▪▪▪▪▪▪▪▪▪▪
▪▪▪▪▪▪▪▪▪▪▪▪▪▪▪▪▪▪▪▪▪
▪▪▪▪▪▪▪▪▪▪▪▪▪▪▪▪▪▪▪▪▪▪▪
▪▪▪▪▪▪▪▪▪▪▪▪▪▪▪▪▪▪▪▪▪▪
▪▪▪▪▪▪▪▪▪▪▪▪▪▪▪▪▪▪▪▪▪▪▪▪
▪▪▪▪▪▪▪▪▪▪▪▪▪▪▪▪▪▪▪▪
▪▪▪▪▪▪▪▪▪▪▪▪▪▪▪▪▪▪▪▪▪▪▪
▪▪▪▪▪▪▪▪▪▪▪▪▪▪▪▪▪▪▪▪▪
▪▪▪▪▪▪▪▪▪▪▪▪▪▪▪▪▪▪▪▪▪▪▪▪
▪▪▪▪▪▪▪▪▪▪▪▪▪▪▪▪▪▪▪▪▪▪
▪▪▪▪▪▪▪▪▪▪▪▪▪▪▪▪▪▪▪▪▪▪▪
▪▪▪▪▪▪▪▪▪▪▪▪▪▪▪▪▪▪▪▪
▪▪▪▪▪▪▪▪▪▪▪▪▪▪▪▪▪▪▪▪▪▪▪▪
▪▪▪▪▪▪▪▪▪▪▪▪▪▪▪▪▪▪▪▪▪▪
▪▪▪▪▪▪▪▪▪▪▪▪▪▪▪▪▪▪▪▪▪▪▪
▪▪▪▪▪▪▪▪▪▪▪▪▪▪▪▪▪▪▪▪▪
▪▪▪▪▪▪▪▪▪▪▪▪▪▪▪▪▪▪▪▪▪▪▪▪
▪▪▪▪▪▪▪▪▪▪▪▪▪▪▪▪▪▪▪▪▪▪
▪▪▪▪▪▪▪▪▪▪▪▪▪▪▪▪▪▪▪▪▪▪▪
▪▪▪▪▪▪▪▪▪▪▪▪▪▪▪▪▪▪▪▪
▪▪▪▪▪▪▪▪▪▪▪▪▪▪▪▪▪▪▪▪▪▪▪▪
▪▪▪▪▪▪▪▪▪▪▪▪▪▪▪▪▪▪▪▪▪
▪▪▪▪▪▪▪▪▪▪▪▪▪▪▪▪▪▪▪▪▪▪▪
▪▪▪▪▪▪▪▪▪▪▪▪▪▪▪▪▪▪▪▪▪▪
▪▪▪▪▪▪▪▪▪▪▪▪▪▪▪▪▪▪▪▪▪▪▪▪
▪▪▪▪▪▪▪▪▪▪▪▪▪▪▪▪▪▪▪▪
▪▪▪▪▪▪▪▪▪▪▪▪▪▪▪▪▪▪▪▪▪▪▪
▪▪▪▪▪▪▪▪▪▪▪▪▪▪▪▪▪▪▪▪▪
▪▪▪▪▪▪▪▪▪▪▪▪▪▪▪▪▪▪▪▪▪▪▪▪
▪▪▪▪▪▪▪▪▪▪▪▪▪▪▪▪▪▪▪▪▪▪
▪▪▪▪▪▪▪▪▪▪▪▪▪▪▪▪▪▪▪▪▪▪▪

芳草地
第412期
